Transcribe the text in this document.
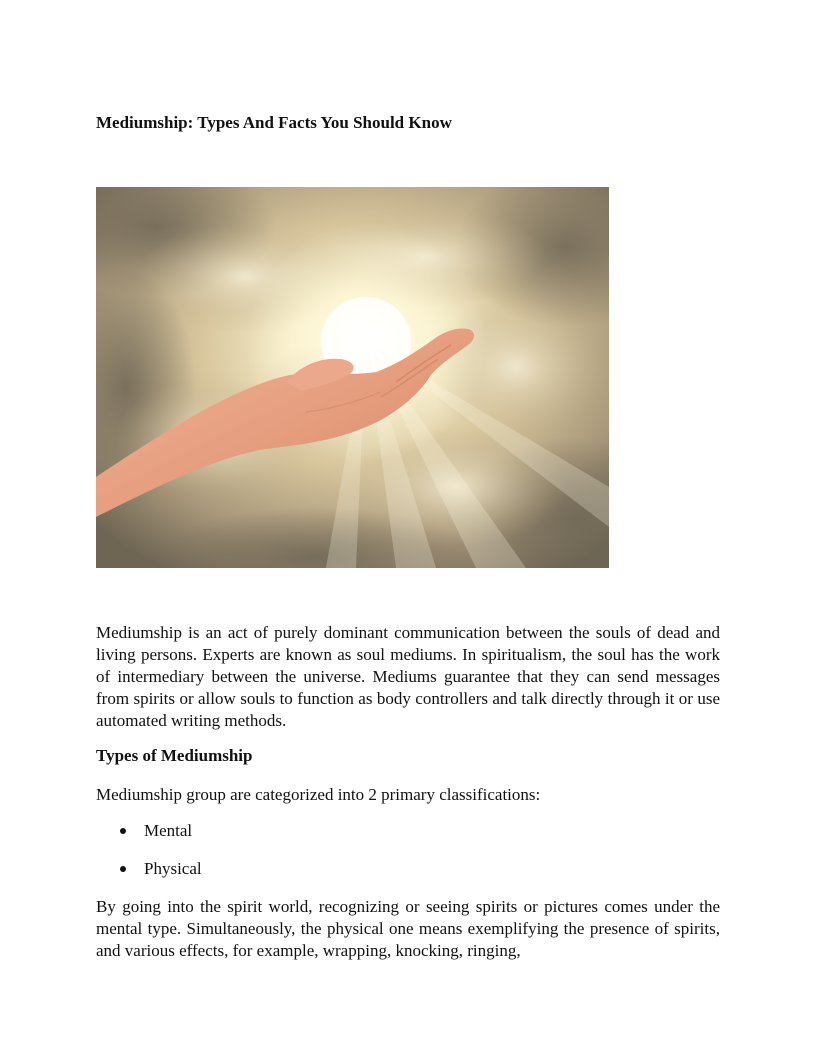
Mediumship: Types And Facts You Should Know

Mediumship is an act of purely dominant communication between the souls of dead and living persons. Experts are known as soul mediums. In spiritualism, the soul has the work of intermediary between the universe. Mediums guarantee that they can send messages from spirits or allow souls to function as body controllers and talk directly through it or use automated writing methods.

Types of Mediumship

Mediumship group are categorized into 2 primary classifications:

Mental
Physical

By going into the spirit world, recognizing or seeing spirits or pictures comes under the mental type. Simultaneously, the physical one means exemplifying the presence of spirits, and various effects, for example, wrapping, knocking, ringing,
